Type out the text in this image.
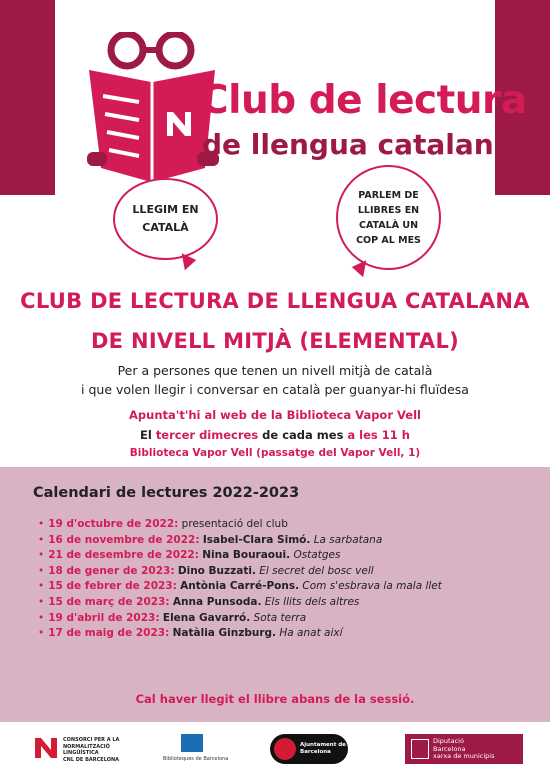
Club de lectura
de llengua catalana
LLEGIM EN CATALÀ
PARLEM DE LLIBRES EN CATALÀ UN COP AL MES
CLUB DE LECTURA DE LLENGUA CATALANA
DE NIVELL MITJÀ (ELEMENTAL)
Per a persones que tenen un nivell mitjà de català
i que volen llegir i conversar en català per guanyar-hi fluïdesa
Apunta't'hi al web de la Biblioteca Vapor Vell
El tercer dimecres de cada mes a les 11 h
Biblioteca Vapor Vell (passatge del Vapor Vell, 1)
Calendari de lectures 2022-2023
• 19 d'octubre de 2022: presentació del club
• 16 de novembre de 2022: Isabel-Clara Simó. La sarbatana
• 21 de desembre de 2022: Nina Bouraoui. Ostatges
• 18 de gener de 2023: Dino Buzzati. El secret del bosc vell
• 15 de febrer de 2023: Antònia Carré-Pons. Com s'esbrava la mala llet
• 15 de març de 2023: Anna Punsoda. Els llits dels altres
• 19 d'abril de 2023: Elena Gavarró. Sota terra
• 17 de maig de 2023: Natàlia Ginzburg. Ha anat així
Cal haver llegit el llibre abans de la sessió.
CONSORCI PER A LA
NORMALITZACIÓ
LINGÜÍSTICA
CNL DE BARCELONA	Biblioteques de Barcelona
Ajuntament de
Barcelona
Diputació
Barcelona
xarxa de municipis
